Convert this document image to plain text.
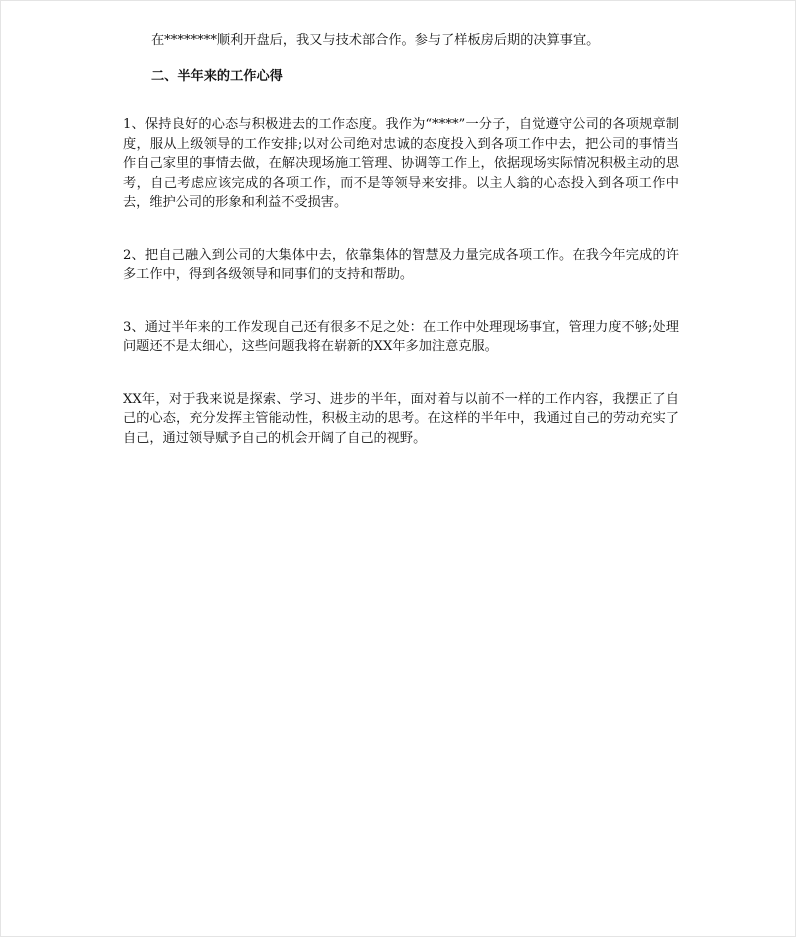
在********顺利开盘后，我又与技术部合作。参与了样板房后期的决算事宜。

二、半年来的工作心得

1、保持良好的心态与积极进去的工作态度。我作为“****”一分子，自觉遵守公司的各项规章制度，服从上级领导的工作安排;以对公司绝对忠诚的态度投入到各项工作中去，把公司的事情当作自己家里的事情去做，在解决现场施工管理、协调等工作上，依据现场实际情况积极主动的思考，自己考虑应该完成的各项工作，而不是等领导来安排。以主人翁的心态投入到各项工作中去，维护公司的形象和利益不受损害。

2、把自己融入到公司的大集体中去，依靠集体的智慧及力量完成各项工作。在我今年完成的许多工作中，得到各级领导和同事们的支持和帮助。

3、通过半年来的工作发现自己还有很多不足之处：在工作中处理现场事宜，管理力度不够;处理问题还不是太细心，这些问题我将在崭新的XX年多加注意克服。

XX年，对于我来说是探索、学习、进步的半年，面对着与以前不一样的工作内容，我摆正了自己的心态，充分发挥主管能动性，积极主动的思考。在这样的半年中，我通过自己的劳动充实了自己，通过领导赋予自己的机会开阔了自己的视野。
